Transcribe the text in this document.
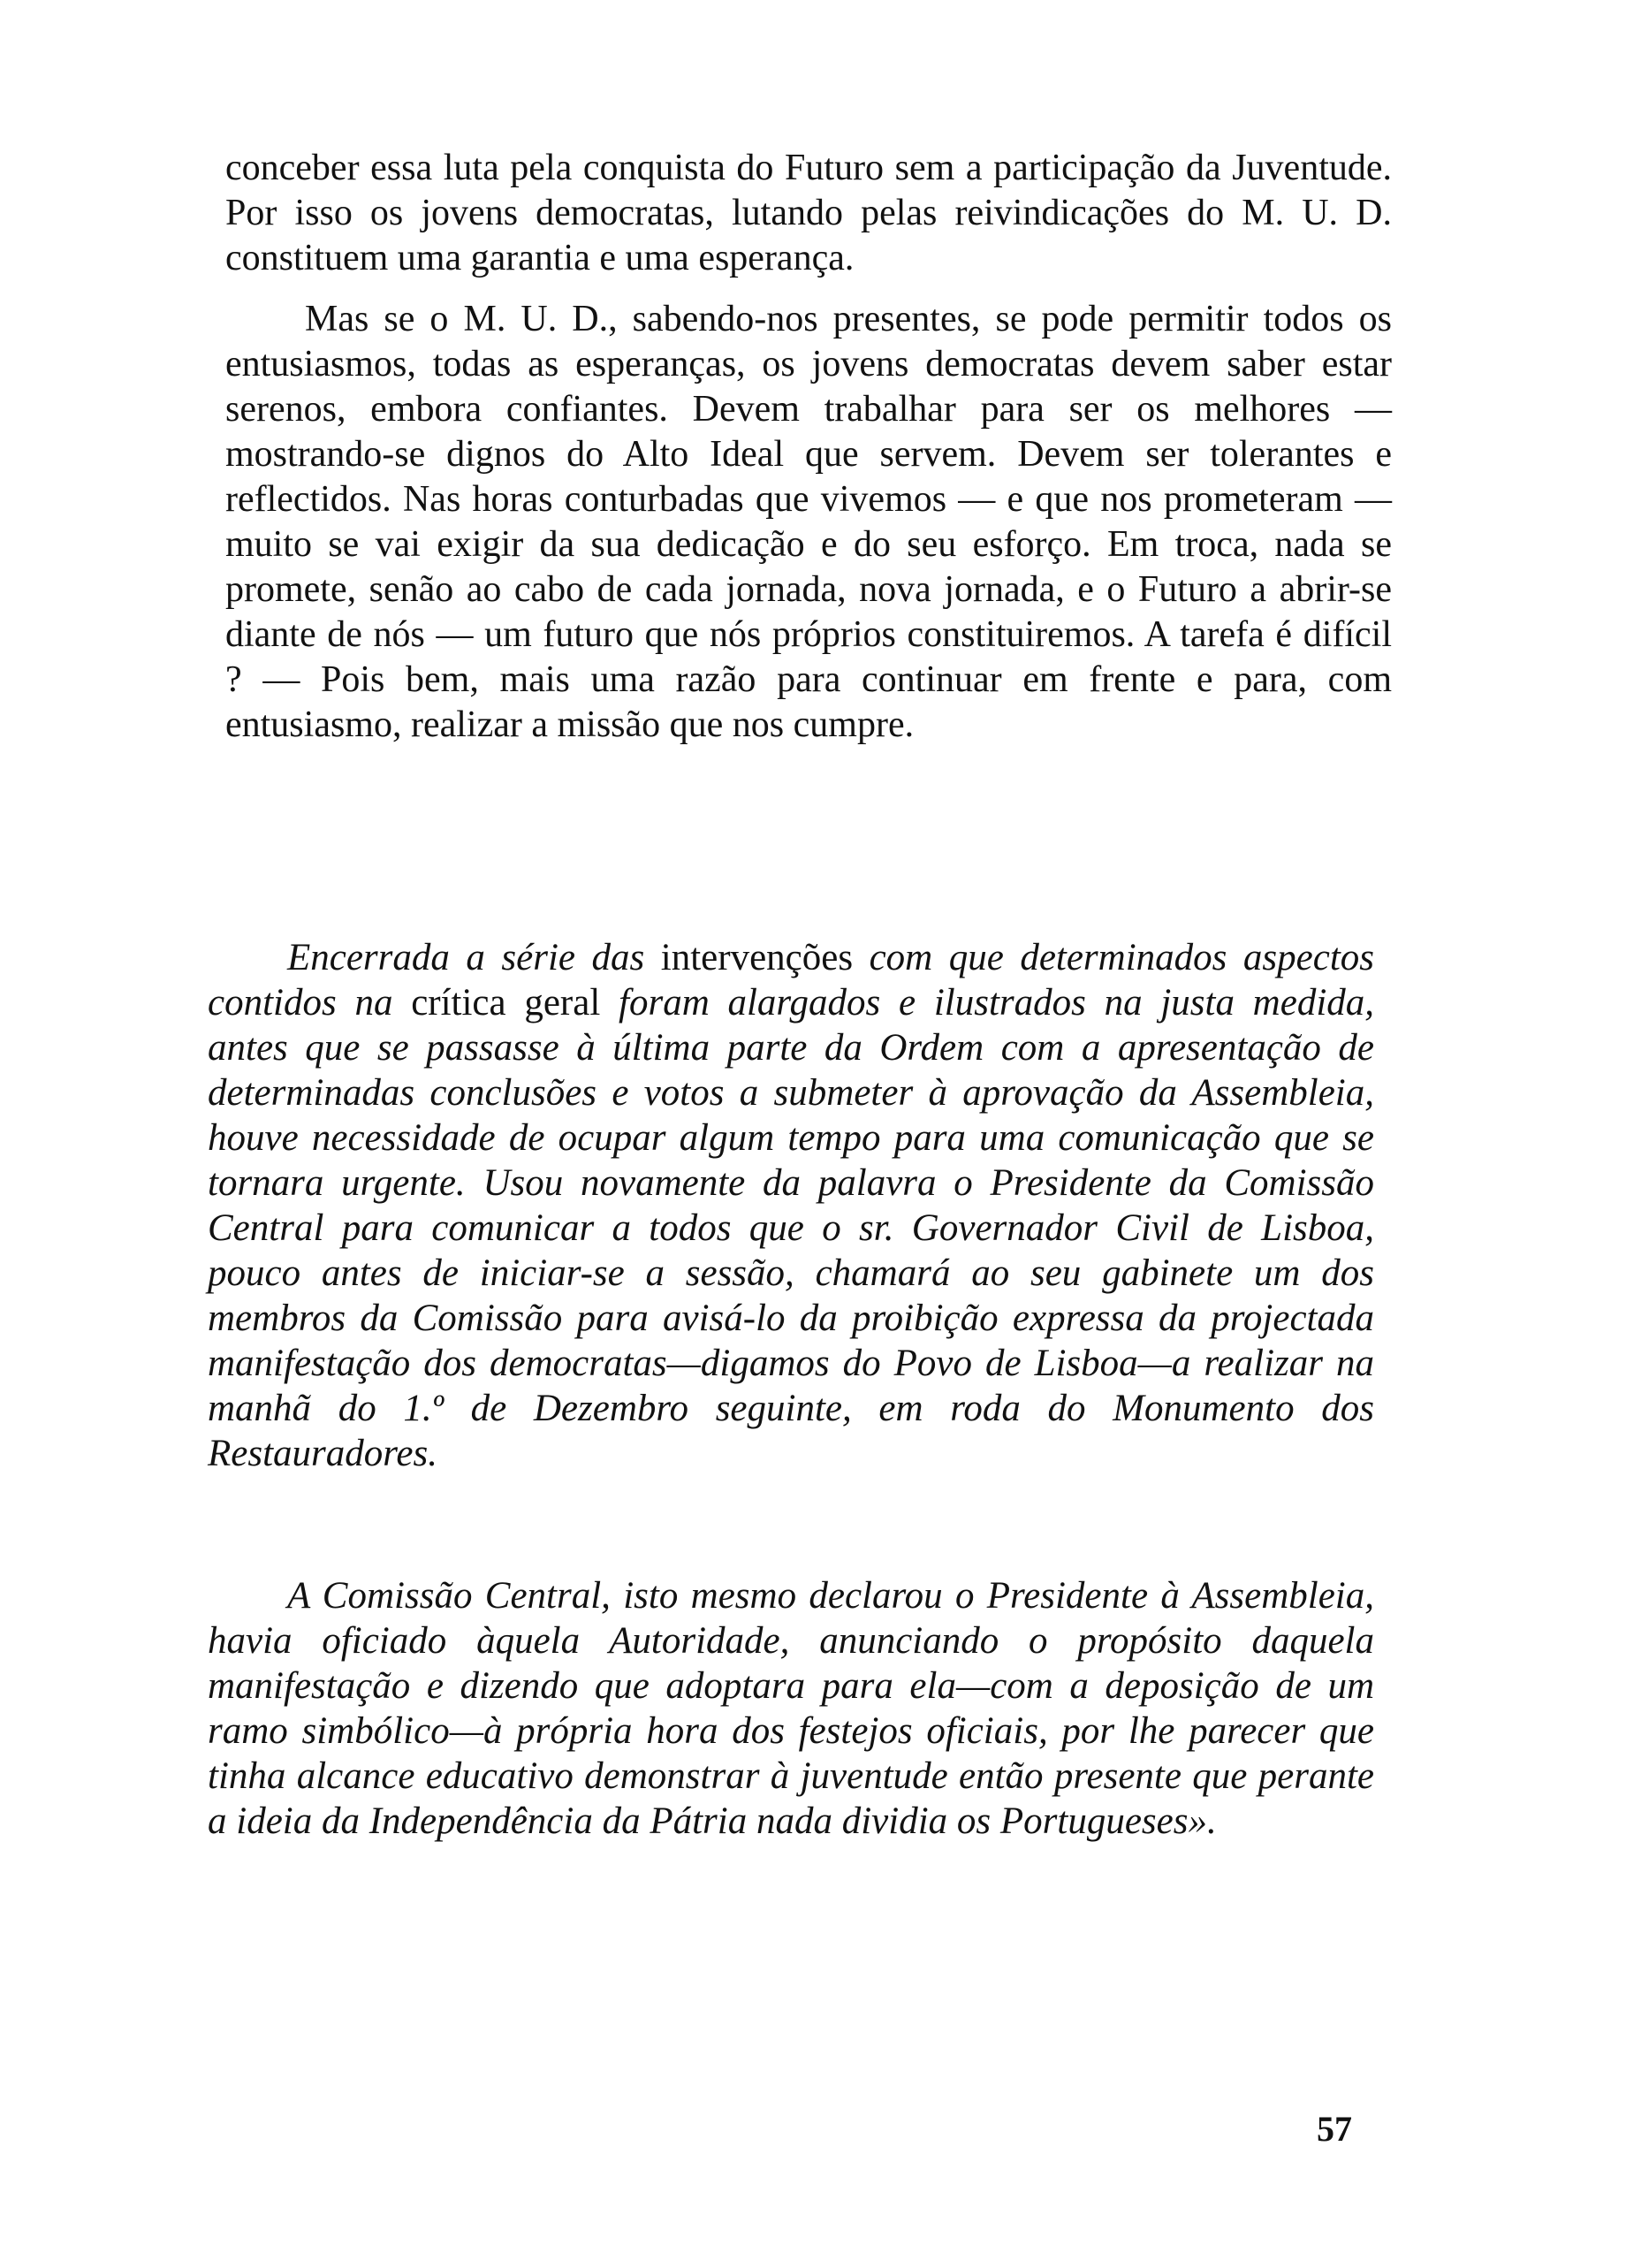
conceber essa luta pela conquista do Futuro sem a participação da Juventude. Por isso os jovens democratas, lutando pelas reivindicações do M. U. D. constituem uma garantia e uma esperança.

Mas se o M. U. D., sabendo-nos presentes, se pode permitir todos os entusiasmos, todas as esperanças, os jovens democratas devem saber estar serenos, embora confiantes. Devem trabalhar para ser os melhores — mostrando-se dignos do Alto Ideal que servem. Devem ser tolerantes e reflectidos. Nas horas conturbadas que vivemos — e que nos prometeram — muito se vai exigir da sua dedicação e do seu esforço. Em troca, nada se promete, senão ao cabo de cada jornada, nova jornada, e o Futuro a abrir-se diante de nós — um futuro que nós próprios constituiremos. A tarefa é difícil ? — Pois bem, mais uma razão para continuar em frente e para, com entusiasmo, realizar a missão que nos cumpre.

Encerrada a série das intervenções com que determinados aspectos contidos na crítica geral foram alargados e ilustrados na justa medida, antes que se passasse à última parte da Ordem com a apresentação de determinadas conclusões e votos a submeter à aprovação da Assembleia, houve necessidade de ocupar algum tempo para uma comunicação que se tornara urgente. Usou novamente da palavra o Presidente da Comissão Central para comunicar a todos que o sr. Governador Civil de Lisboa, pouco antes de iniciar-se a sessão, chamará ao seu gabinete um dos membros da Comissão para avisá-lo da proibição expressa da projectada manifestação dos democratas—digamos do Povo de Lisboa—a realizar na manhã do 1.º de Dezembro seguinte, em roda do Monumento dos Restauradores.

A Comissão Central, isto mesmo declarou o Presidente à Assembleia, havia oficiado àquela Autoridade, anunciando o propósito daquela manifestação e dizendo que adoptara para ela—com a deposição de um ramo simbólico—à própria hora dos festejos oficiais, por lhe parecer que tinha alcance educativo demonstrar à juventude então presente que perante a ideia da Independência da Pátria nada dividia os Portugueses».

57
